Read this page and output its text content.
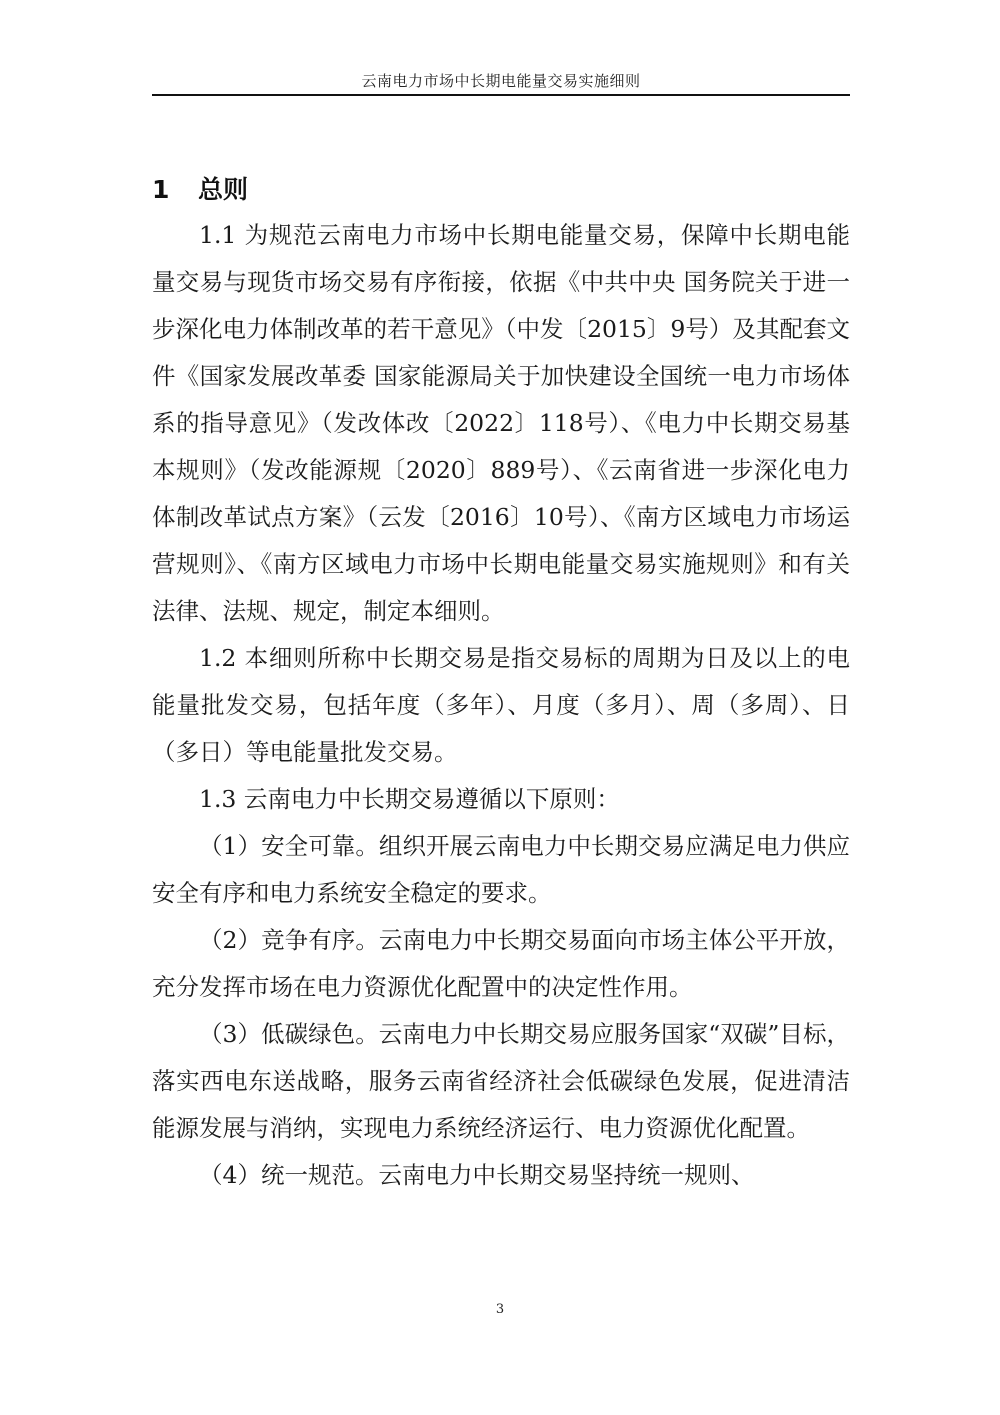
云南电力市场中长期电能量交易实施细则
1 总则

1.1 为规范云南电力市场中长期电能量交易，保障中长期电能量交易与现货市场交易有序衔接，依据《中共中央 国务院关于进一步深化电力体制改革的若干意见》（中发〔2015〕9号）及其配套文件《国家发展改革委 国家能源局关于加快建设全国统一电力市场体系的指导意见》（发改体改〔2022〕118号）、《电力中长期交易基本规则》（发改能源规〔2020〕889号）、《云南省进一步深化电力体制改革试点方案》（云发〔2016〕10号）、《南方区域电力市场运营规则》、《南方区域电力市场中长期电能量交易实施规则》和有关法律、法规、规定，制定本细则。

1.2 本细则所称中长期交易是指交易标的周期为日及以上的电能量批发交易，包括年度（多年）、月度（多月）、周（多周）、日（多日）等电能量批发交易。

1.3 云南电力中长期交易遵循以下原则：

（1）安全可靠。组织开展云南电力中长期交易应满足电力供应安全有序和电力系统安全稳定的要求。

（2）竞争有序。云南电力中长期交易面向市场主体公平开放，充分发挥市场在电力资源优化配置中的决定性作用。

（3）低碳绿色。云南电力中长期交易应服务国家“双碳”目标，落实西电东送战略，服务云南省经济社会低碳绿色发展，促进清洁能源发展与消纳，实现电力系统经济运行、电力资源优化配置。

（4）统一规范。云南电力中长期交易坚持统一规则、

3
